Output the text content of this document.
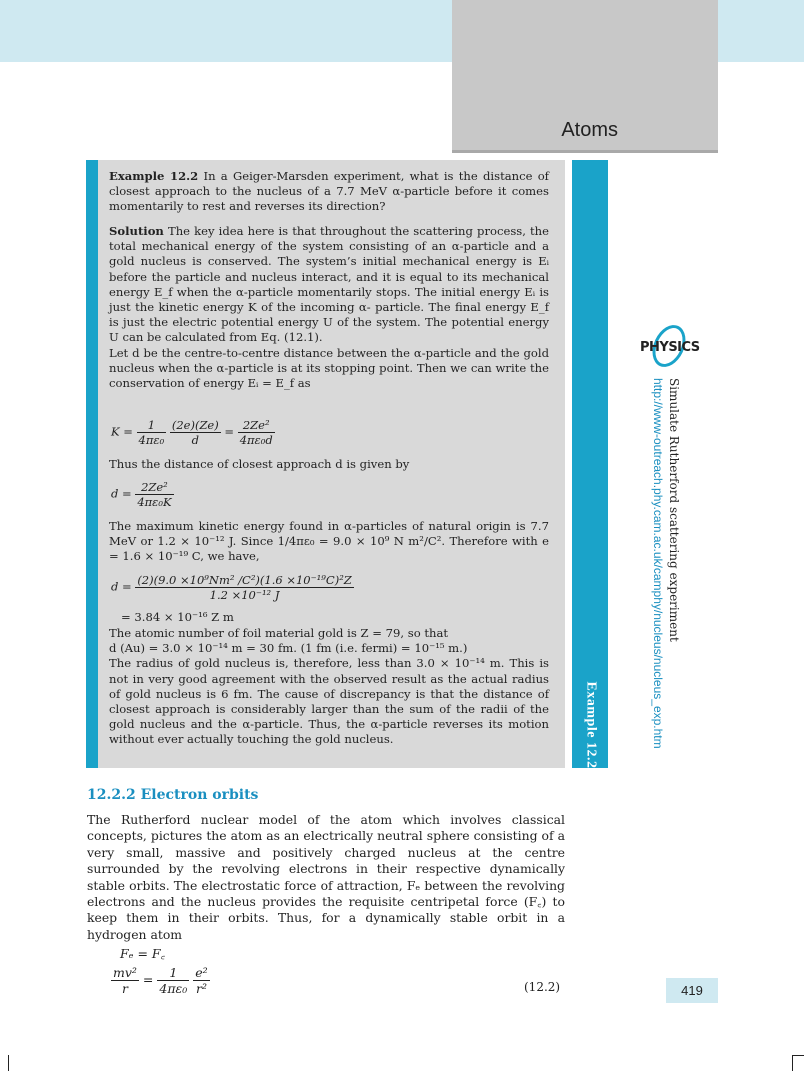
Atoms
Example 12.2

Example 12.2 In a Geiger-Marsden experiment, what is the distance of closest approach to the nucleus of a 7.7 MeV α-particle before it comes momentarily to rest and reverses its direction?

Solution The key idea here is that throughout the scattering process, the total mechanical energy of the system consisting of an α-particle and a gold nucleus is conserved. The system’s initial mechanical energy is Eᵢ before the particle and nucleus interact, and it is equal to its mechanical energy E_f when the α-particle momentarily stops. The initial energy Eᵢ is just the kinetic energy K of the incoming α- particle. The final energy E_f is just the electric potential energy U of the system. The potential energy U can be calculated from Eq. (12.1).

Let d be the centre-to-centre distance between the α-particle and the gold nucleus when the α-particle is at its stopping point. Then we can write the conservation of energy Eᵢ = E_f as

$K = \frac{1}{\text{4πε₀}}$
$\frac{(2e)(Ze)}{d} = \frac{\text{2Ze²}}{\text{4πε₀d}}$

Thus the distance of closest approach d is given by

$d = \frac{\text{2Ze²}}{\text{4πε₀K}}$

The maximum kinetic energy found in α-particles of natural origin is 7.7 MeV or 1.2 × 10⁻¹² J. Since 1/4πε₀ = 9.0 × 10⁹ N m²/C². Therefore with e = 1.6 × 10⁻¹⁹ C, we have,

$d = \frac{\text{(2)(9.0 ×10⁹Nm² /C²)(1.6 ×10⁻¹⁹C)²Z}}{\text{1.2 ×10⁻¹² J}}$

= 3.84 × 10⁻¹⁶ Z m

The atomic number of foil material gold is Z = 79, so that

d (Au) = 3.0 × 10⁻¹⁴ m = 30 fm. (1 fm (i.e. fermi) = 10⁻¹⁵ m.)

The radius of gold nucleus is, therefore, less than 3.0 × 10⁻¹⁴ m. This is not in very good agreement with the observed result as the actual radius of gold nucleus is 6 fm. The cause of discrepancy is that the distance of closest approach is considerably larger than the sum of the radii of the gold nucleus and the α-particle. Thus, the α-particle reverses its motion without ever actually touching the gold nucleus.

PHYSICS
Simulate Rutherford scattering experiment
http://www-outreach.phy.cam.ac.uk/camphy/nucleus/nucleus_exp.htm
12.2.2 Electron orbits

The Rutherford nuclear model of the atom which involves classical concepts, pictures the atom as an electrically neutral sphere consisting of a very small, massive and positively charged nucleus at the centre surrounded by the revolving electrons in their respective dynamically stable orbits. The electrostatic force of attraction, Fₑ between the revolving electrons and the nucleus provides the requisite centripetal force (F꜀) to keep them in their orbits. Thus, for a dynamically stable orbit in a hydrogen atom

Fₑ = F꜀
$\frac{\text{mv²}}{r} = \frac{1}{\text{4πε₀}}$
$\frac{\text{e²}}{\text{r²}}$	(12.2)	419
